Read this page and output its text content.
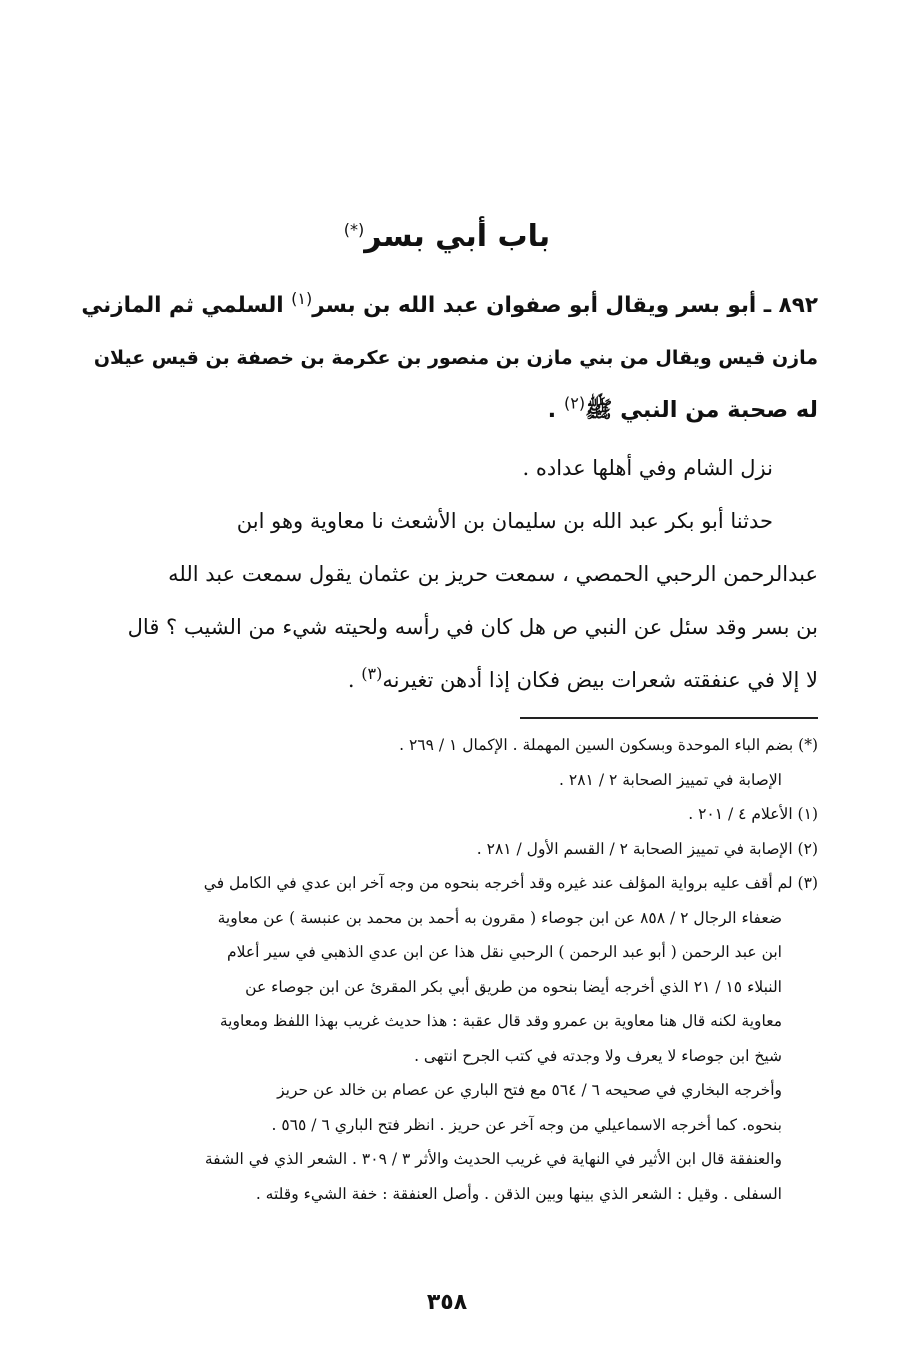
باب أبي بسر(*)
٨٩٢ ـ أبو بسر ويقال أبو صفوان عبد الله بن بسر$^{(١)}$ السلمي ثم المازني
مازن قيس ويقال من بني مازن بن منصور بن عكرمة بن خصفة بن قيس عيلان
له صحبة من النبي ﷺ$^{(٢)}$ .
نزل الشام وفي أهلها عداده .
حدثنا أبو بكر عبد الله بن سليمان بن الأشعث نا معاوية وهو ابن
عبدالرحمن الرحبي الحمصي ، سمعت حريز بن عثمان يقول سمعت عبد الله
بن بسر وقد سئل عن النبي ص هل كان في رأسه ولحيته شيء من الشيب ؟ قال
لا إلا في عنفقته شعرات بيض فكان إذا أدهن تغيرنه$^{(٣)}$ .
(*) بضم الباء الموحدة وبسكون السين المهملة . الإكمال ١ / ٢٦٩ .
الإصابة في تمييز الصحابة ٢ / ٢٨١ .
(١) الأعلام ٤ / ٢٠١ .
(٢) الإصابة في تمييز الصحابة ٢ / القسم الأول / ٢٨١ .
(٣) لم أقف عليه برواية المؤلف عند غيره وقد أخرجه بنحوه من وجه آخر ابن عدي في الكامل في
ضعفاء الرجال ٢ / ٨٥٨ عن ابن جوصاء ( مقرون به أحمد بن محمد بن عنبسة ) عن معاوية
ابن عبد الرحمن ( أبو عبد الرحمن ) الرحبي نقل هذا عن ابن عدي الذهبي في سير أعلام
النبلاء ١٥ / ٢١ الذي أخرجه أيضا بنحوه من طريق أبي بكر المقرئ عن ابن جوصاء عن
معاوية لكنه قال هنا معاوية بن عمرو وقد قال عقبة : هذا حديث غريب بهذا اللفظ ومعاوية
شيخ ابن جوصاء لا يعرف ولا وجدته في كتب الجرح انتهى .
وأخرجه البخاري في صحيحه ٦ / ٥٦٤ مع فتح الباري عن عصام بن خالد عن حريز
بنحوه. كما أخرجه الاسماعيلي من وجه آخر عن حريز . انظر فتح الباري ٦ / ٥٦٥ .
والعنفقة قال ابن الأثير في النهاية في غريب الحديث والأثر ٣ / ٣٠٩ . الشعر الذي في الشفة
السفلى . وقيل : الشعر الذي بينها وبين الذقن . وأصل العنفقة : خفة الشيء وقلته .
٣٥٨
